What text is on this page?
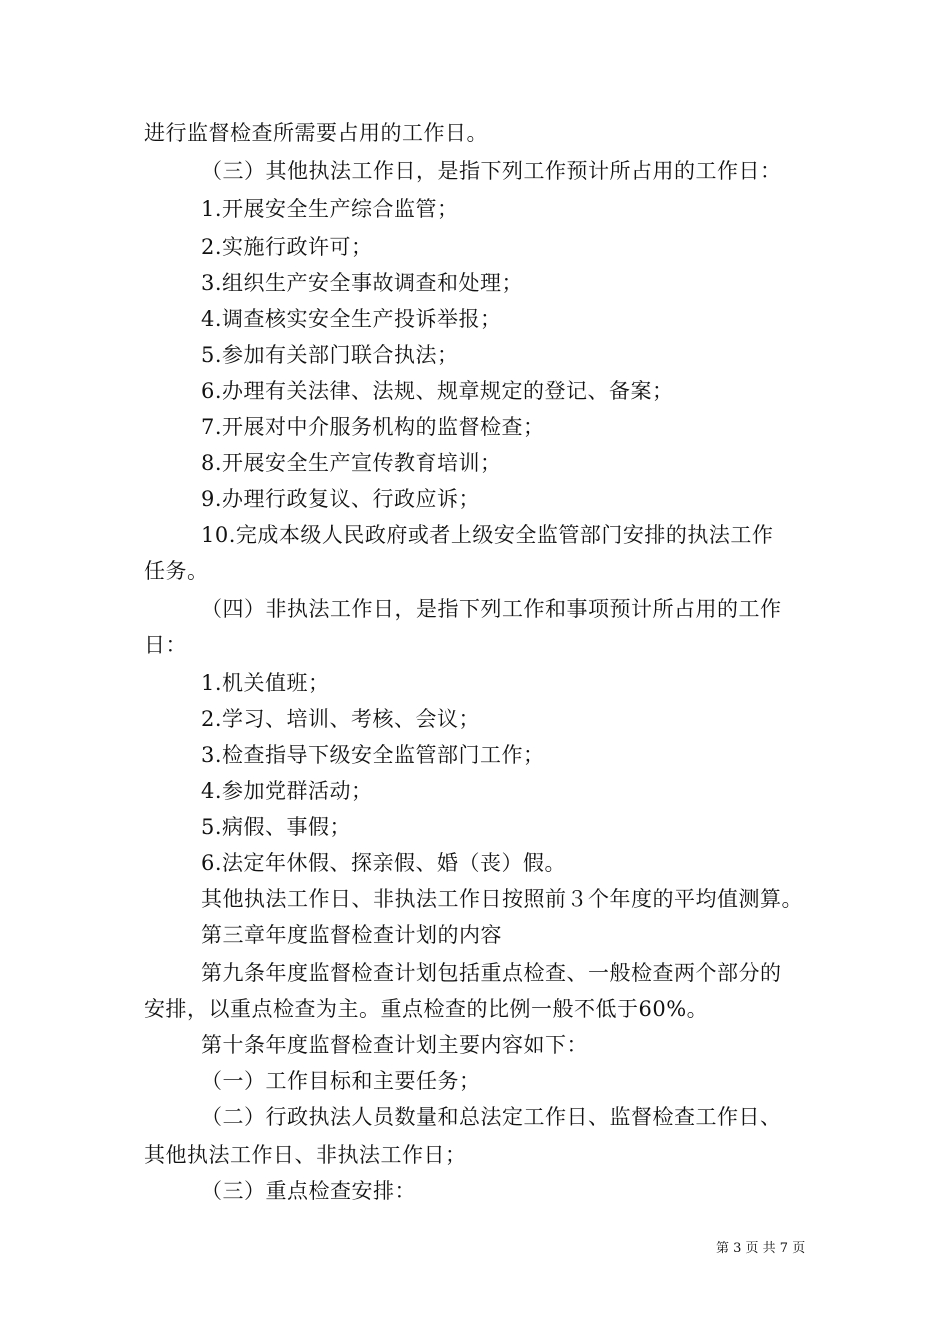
进行监督检查所需要占用的工作日。
（三）其他执法工作日，是指下列工作预计所占用的工作日：
1.开展安全生产综合监管；
2.实施行政许可；
3.组织生产安全事故调查和处理；
4.调查核实安全生产投诉举报；
5.参加有关部门联合执法；
6.办理有关法律、法规、规章规定的登记、备案；
7.开展对中介服务机构的监督检查；
8.开展安全生产宣传教育培训；
9.办理行政复议、行政应诉；
10.完成本级人民政府或者上级安全监管部门安排的执法工作
任务。
（四）非执法工作日，是指下列工作和事项预计所占用的工作
日：
1.机关值班；
2.学习、培训、考核、会议；
3.检查指导下级安全监管部门工作；
4.参加党群活动；
5.病假、事假；
6.法定年休假、探亲假、婚（丧）假。
其他执法工作日、非执法工作日按照前３个年度的平均值测算。
第三章年度监督检查计划的内容
第九条年度监督检查计划包括重点检查、一般检查两个部分的
安排，以重点检查为主。重点检查的比例一般不低于60%。
第十条年度监督检查计划主要内容如下：
（一）工作目标和主要任务；
（二）行政执法人员数量和总法定工作日、监督检查工作日、
其他执法工作日、非执法工作日；
（三）重点检查安排：
第 3 页 共 7 页
